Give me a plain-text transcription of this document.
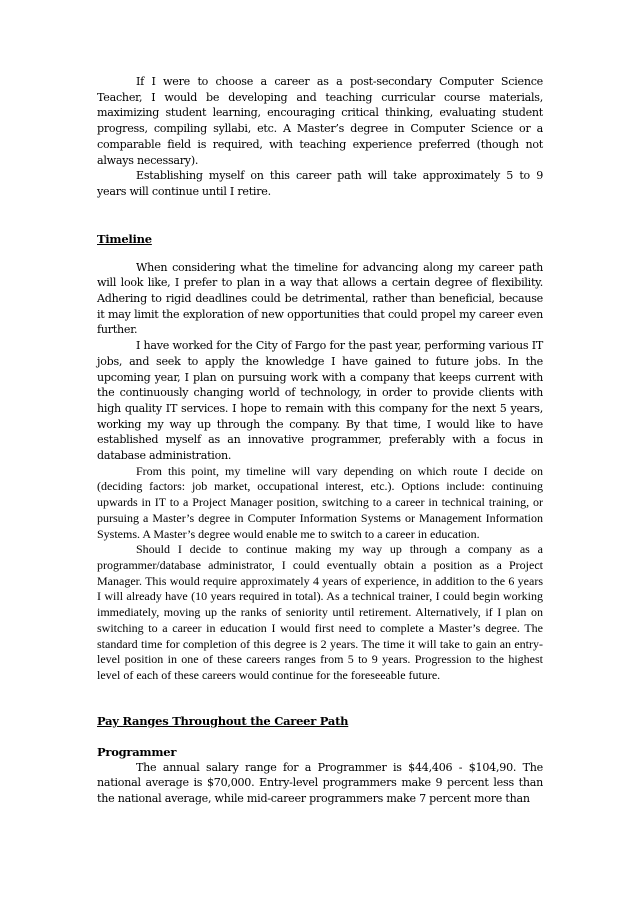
If I were to choose a career as a post-secondary Computer Science Teacher, I would be developing and teaching curricular course materials, maximizing student learning, encouraging critical thinking, evaluating student progress, compiling syllabi, etc. A Master’s degree in Computer Science or a comparable field is required, with teaching experience preferred (though not always necessary).

Establishing myself on this career path will take approximately 5 to 9 years will continue until I retire.

Timeline

When considering what the timeline for advancing along my career path will look like, I prefer to plan in a way that allows a certain degree of flexibility. Adhering to rigid deadlines could be detrimental, rather than beneficial, because it may limit the exploration of new opportunities that could propel my career even further.

I have worked for the City of Fargo for the past year, performing various IT jobs, and seek to apply the knowledge I have gained to future jobs. In the upcoming year, I plan on pursuing work with a company that keeps current with the continuously changing world of technology, in order to provide clients with high quality IT services. I hope to remain with this company for the next 5 years, working my way up through the company. By that time, I would like to have established myself as an innovative programmer, preferably with a focus in database administration.

From this point, my timeline will vary depending on which route I decide on (deciding factors: job market, occupational interest, etc.). Options include: continuing upwards in IT to a Project Manager position, switching to a career in technical training, or pursuing a Master’s degree in Computer Information Systems or Management Information Systems. A Master’s degree would enable me to switch to a career in education.

Should I decide to continue making my way up through a company as a programmer/database administrator, I could eventually obtain a position as a Project Manager. This would require approximately 4 years of experience, in addition to the 6 years I will already have (10 years required in total). As a technical trainer, I could begin working immediately, moving up the ranks of seniority until retirement. Alternatively, if I plan on switching to a career in education I would first need to complete a Master’s degree. The standard time for completion of this degree is 2 years. The time it will take to gain an entry-level position in one of these careers ranges from 5 to 9 years. Progression to the highest level of each of these careers would continue for the foreseeable future.

Pay Ranges Throughout the Career Path
Programmer

The annual salary range for a Programmer is $44,406 - $104,90. The national average is $70,000. Entry-level programmers make 9 percent less than the national average, while mid-career programmers make 7 percent more than
